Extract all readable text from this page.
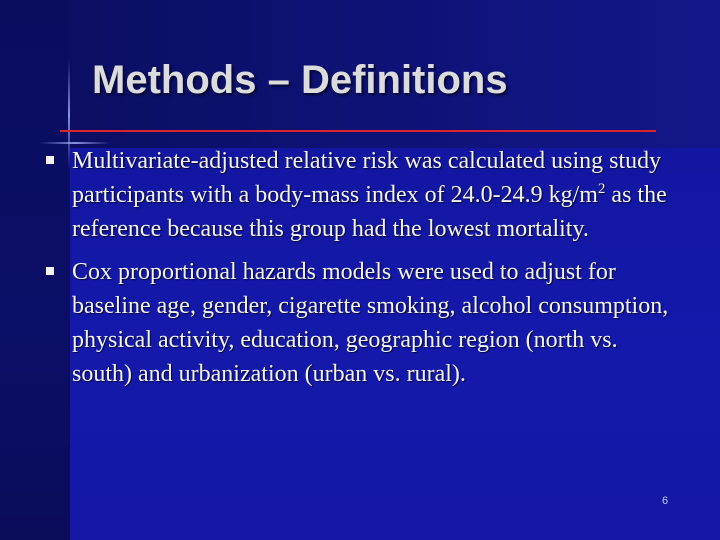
Methods – Definitions
Multivariate-adjusted relative risk was calculated using study participants with a body-mass index of 24.0-24.9 $kg/m^2$ as the reference because this group had the lowest mortality.
Cox proportional hazards models were used to adjust for baseline age, gender, cigarette smoking, alcohol consumption, physical activity, education, geographic region (north vs. south) and urbanization (urban vs. rural).
6
